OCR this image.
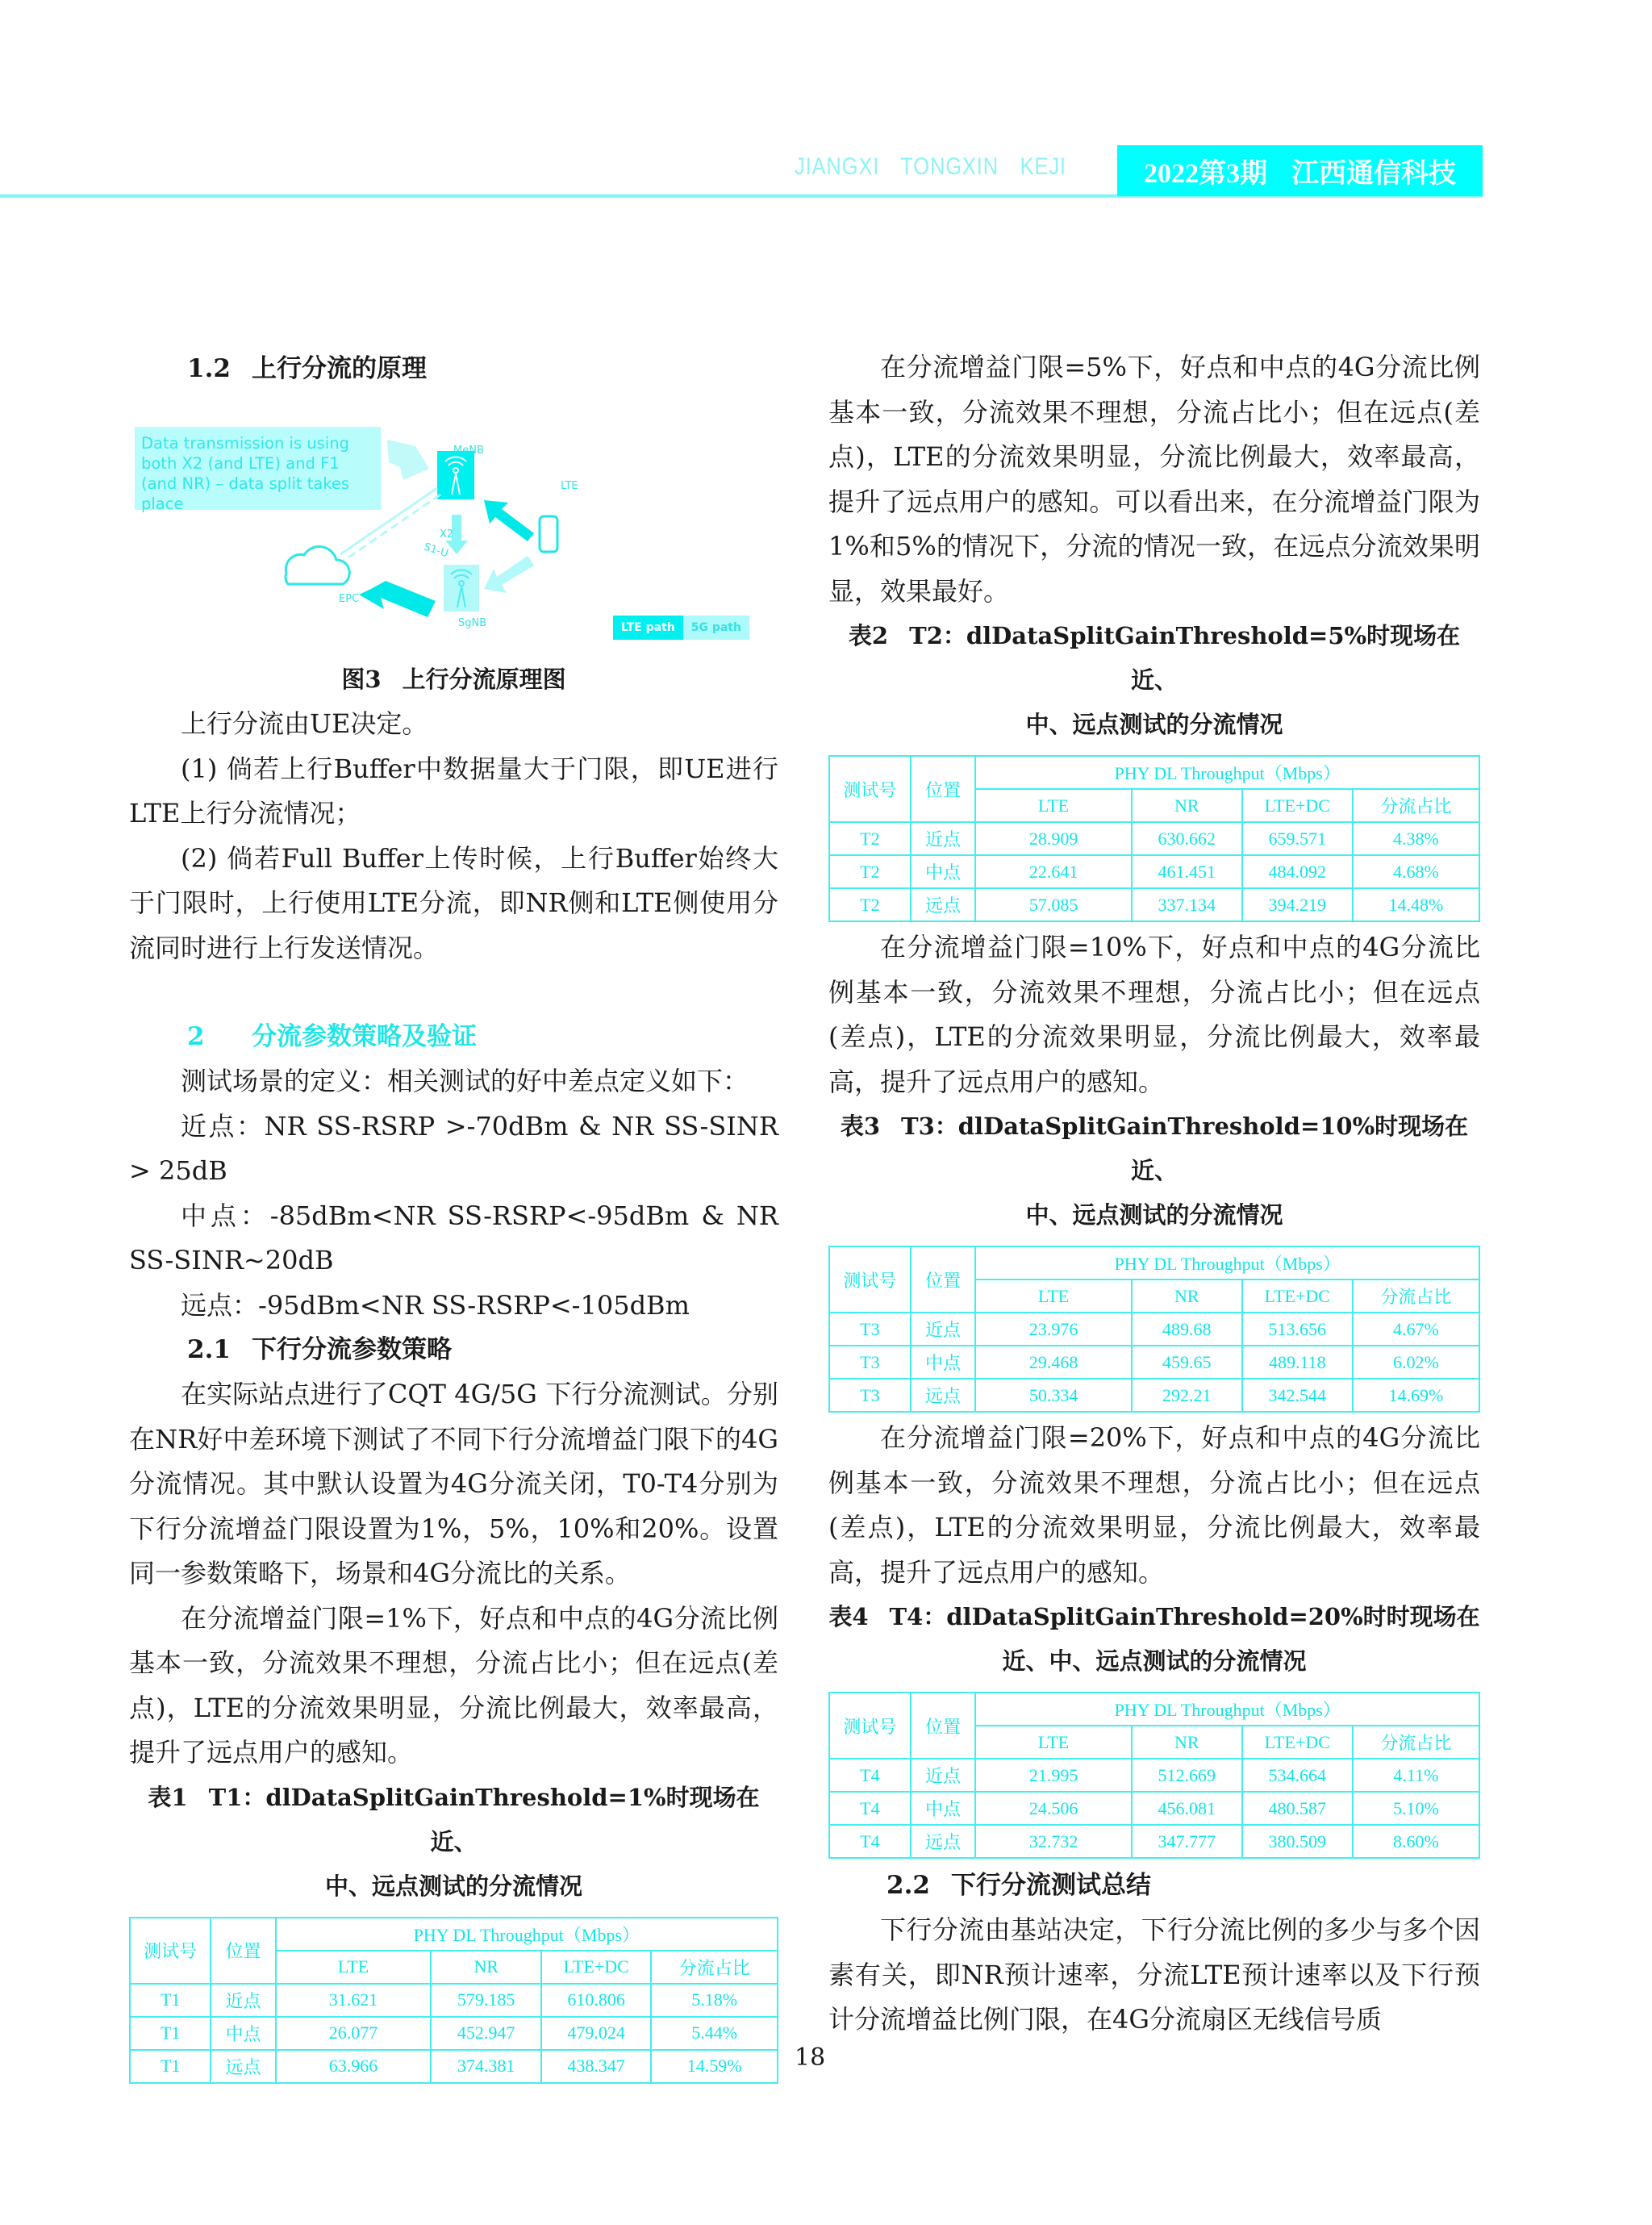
JIANGXI TONGXIN KEJI	2022第3期 江西通信科技
1.2 上行分流的原理
Data transmission is using both X2 (and LTE) and F1 (and NR) – data split takes place
MeNB
SgNB
EPC
LTE
X2
S1-U
LTE path	5G path

图3 上行分流原理图

上行分流由UE决定。

(1) 倘若上行Buffer中数据量大于门限，即UE进行LTE上行分流情况；

(2) 倘若Full Buffer上传时候，上行Buffer始终大于门限时，上行使用LTE分流，即NR侧和LTE侧使用分流同时进行上行发送情况。

2 分流参数策略及验证

测试场景的定义：相关测试的好中差点定义如下：

近点：NR SS-RSRP >-70dBm & NR SS-SINR > 25dB

中点：-85dBm<NR SS-RSRP<-95dBm & NR SS-SINR~20dB

远点：-95dBm<NR SS-RSRP<-105dBm

2.1 下行分流参数策略

在实际站点进行了CQT 4G/5G 下行分流测试。分别在NR好中差环境下测试了不同下行分流增益门限下的4G分流情况。其中默认设置为4G分流关闭，T0-T4分别为下行分流增益门限设置为1%，5%，10%和20%。设置同一参数策略下，场景和4G分流比的关系。

在分流增益门限=1%下，好点和中点的4G分流比例基本一致，分流效果不理想，分流占比小；但在远点(差点)，LTE的分流效果明显，分流比例最大，效率最高，提升了远点用户的感知。

表1 T1：dlDataSplitGainThreshold=1%时现场在近、

中、远点测试的分流情况

测试号	位置	PHY DL Throughput（Mbps）			
		LTE	NR	LTE+DC	分流占比
T1	近点	31.621	579.185	610.806	5.18%
T1	中点	26.077	452.947	479.024	5.44%
T1	远点	63.966	374.381	438.347	14.59%

在分流增益门限=5%下，好点和中点的4G分流比例基本一致，分流效果不理想，分流占比小；但在远点(差点)，LTE的分流效果明显，分流比例最大，效率最高，提升了远点用户的感知。可以看出来，在分流增益门限为1%和5%的情况下，分流的情况一致，在远点分流效果明显，效果最好。

表2 T2：dlDataSplitGainThreshold=5%时现场在近、

中、远点测试的分流情况

测试号	位置	PHY DL Throughput（Mbps）			
		LTE	NR	LTE+DC	分流占比
T2	近点	28.909	630.662	659.571	4.38%
T2	中点	22.641	461.451	484.092	4.68%
T2	远点	57.085	337.134	394.219	14.48%

在分流增益门限=10%下，好点和中点的4G分流比例基本一致，分流效果不理想，分流占比小；但在远点(差点)，LTE的分流效果明显，分流比例最大，效率最高，提升了远点用户的感知。

表3 T3：dlDataSplitGainThreshold=10%时现场在近、

中、远点测试的分流情况

测试号	位置	PHY DL Throughput（Mbps）			
		LTE	NR	LTE+DC	分流占比
T3	近点	23.976	489.68	513.656	4.67%
T3	中点	29.468	459.65	489.118	6.02%
T3	远点	50.334	292.21	342.544	14.69%

在分流增益门限=20%下，好点和中点的4G分流比例基本一致，分流效果不理想，分流占比小；但在远点(差点)，LTE的分流效果明显，分流比例最大，效率最高，提升了远点用户的感知。

表4 T4：dlDataSplitGainThreshold=20%时时现场在

近、中、远点测试的分流情况

测试号	位置	PHY DL Throughput（Mbps）			
		LTE	NR	LTE+DC	分流占比
T4	近点	21.995	512.669	534.664	4.11%
T4	中点	24.506	456.081	480.587	5.10%
T4	远点	32.732	347.777	380.509	8.60%
2.2 下行分流测试总结

下行分流由基站决定，下行分流比例的多少与多个因素有关，即NR预计速率，分流LTE预计速率以及下行预计分流增益比例门限，在4G分流扇区无线信号质

18
